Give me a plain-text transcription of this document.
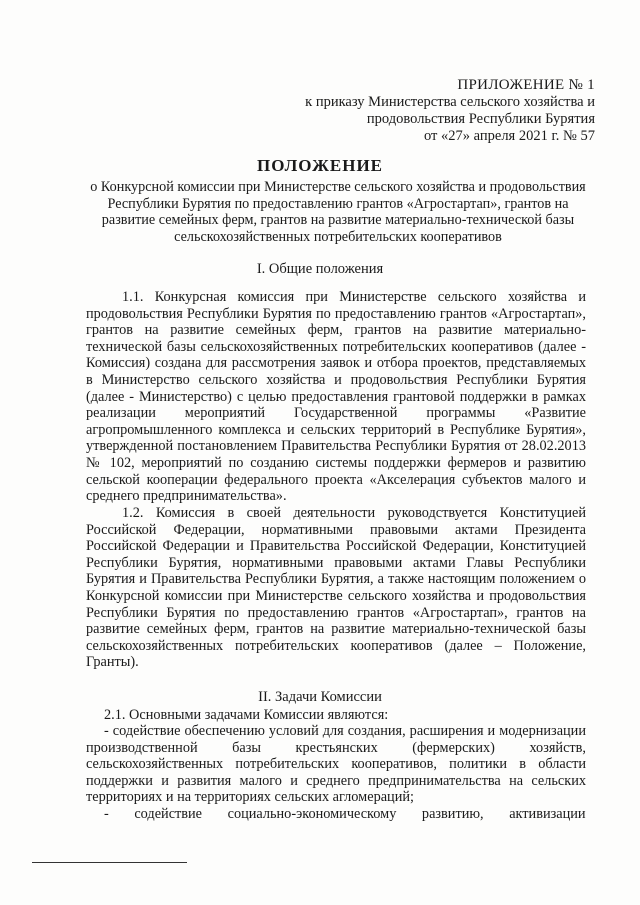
ПРИЛОЖЕНИЕ № 1
к приказу Министерства сельского хозяйства и
продовольствия Республики Бурятия
от «27» апреля 2021 г. № 57
ПОЛОЖЕНИЕ
о Конкурсной комиссии при Министерстве сельского хозяйства и продовольствия Республики Бурятия по предоставлению грантов «Агростартап», грантов на развитие семейных ферм, грантов на развитие материально-технической базы сельскохозяйственных потребительских кооперативов
I. Общие положения
1.1. Конкурсная комиссия при Министерстве сельского хозяйства и продовольствия Республики Бурятия по предоставлению грантов «Агростартап», грантов на развитие семейных ферм, грантов на развитие материально-технической базы сельскохозяйственных потребительских кооперативов (далее - Комиссия) создана для рассмотрения заявок и отбора проектов, представляемых в Министерство сельского хозяйства и продовольствия Республики Бурятия (далее - Министерство) с целью предоставления грантовой поддержки в рамках реализации мероприятий Государственной программы «Развитие агропромышленного комплекса и сельских территорий в Республике Бурятия», утвержденной постановлением Правительства Республики Бурятия от 28.02.2013 № 102, мероприятий по созданию системы поддержки фермеров и развитию сельской кооперации федерального проекта «Акселерация субъектов малого и среднего предпринимательства».
1.2. Комиссия в своей деятельности руководствуется Конституцией Российской Федерации, нормативными правовыми актами Президента Российской Федерации и Правительства Российской Федерации, Конституцией Республики Бурятия, нормативными правовыми актами Главы Республики Бурятия и Правительства Республики Бурятия, а также настоящим положением о Конкурсной комиссии при Министерстве сельского хозяйства и продовольствия Республики Бурятия по предоставлению грантов «Агростартап», грантов на развитие семейных ферм, грантов на развитие материально-технической базы сельскохозяйственных потребительских кооперативов (далее – Положение, Гранты).
II. Задачи Комиссии
2.1. Основными задачами Комиссии являются:
- содействие обеспечению условий для создания, расширения и модернизации производственной базы крестьянских (фермерских) хозяйств, сельскохозяйственных потребительских кооперативов, политики в области поддержки и развития малого и среднего предпринимательства на сельских территориях и на территориях сельских агломераций;
- содействие социально-экономическому развитию, активизации
